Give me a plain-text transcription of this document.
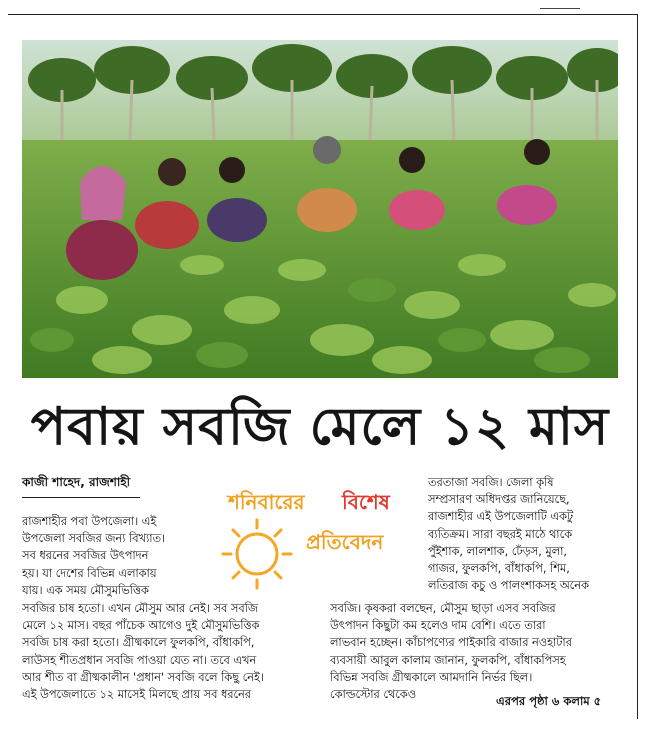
পবায় সবজি মেলে ১২ মাস
কাজী শাহেদ, রাজশাহী
রাজশাহীর পবা উপজেলা। এই
উপজেলা সবজির জন্য বিখ্যাত।
সব ধরনের সবজির উৎপাদন
হয়। যা দেশের বিভিন্ন এলাকায়
যায়। এক সময় মৌসুমভিত্তিক
শনিবারের বিশেষ
প্রতিবেদন
তরতাজা সবজি। জেলা কৃষি
সম্প্রসারণ অধিদপ্তর জানিয়েছে,
রাজশাহীর এই উপজেলাটি একটু
ব্যতিক্রম। সারা বছরই মাঠে থাকে
পুঁইশাক, লালশাক, ঢেঁড়স, মুলা,
গাজর, ফুলকপি, বাঁধাকপি, শিম,
লতিরাজ কচু ও পালংশাকসহ অনেক
সবজির চাষ হতো। এখন মৌসুম আর নেই। সব সবজি
মেলে ১২ মাস। বছর পাঁচেক আগেও দুই মৌসুমভিত্তিক
সবজি চাষ করা হতো। গ্রীষ্মকালে ফুলকপি, বাঁধাকপি,
লাউসহ শীতপ্রধান সবজি পাওয়া যেত না। তবে এখন
আর শীত বা গ্রীষ্মকালীন 'প্রধান' সবজি বলে কিছু নেই।
এই উপজেলাতে ১২ মাসেই মিলছে প্রায় সব ধরনের
সবজি। কৃষকরা বলছেন, মৌসুম ছাড়া এসব সবজির
উৎপাদন কিছুটা কম হলেও দাম বেশি। এতে তারা
লাভবান হচ্ছেন। কাঁচাপণ্যের পাইকারি বাজার নওহাটার
ব্যবসায়ী আবুল কালাম জানান, ফুলকপি, বাঁধাকপিসহ
বিভিন্ন সবজি গ্রীষ্মকালে আমদানি নির্ভর ছিল।
কোল্ডস্টোর থেকেও	এরপর পৃষ্ঠা ৬ কলাম ৫
